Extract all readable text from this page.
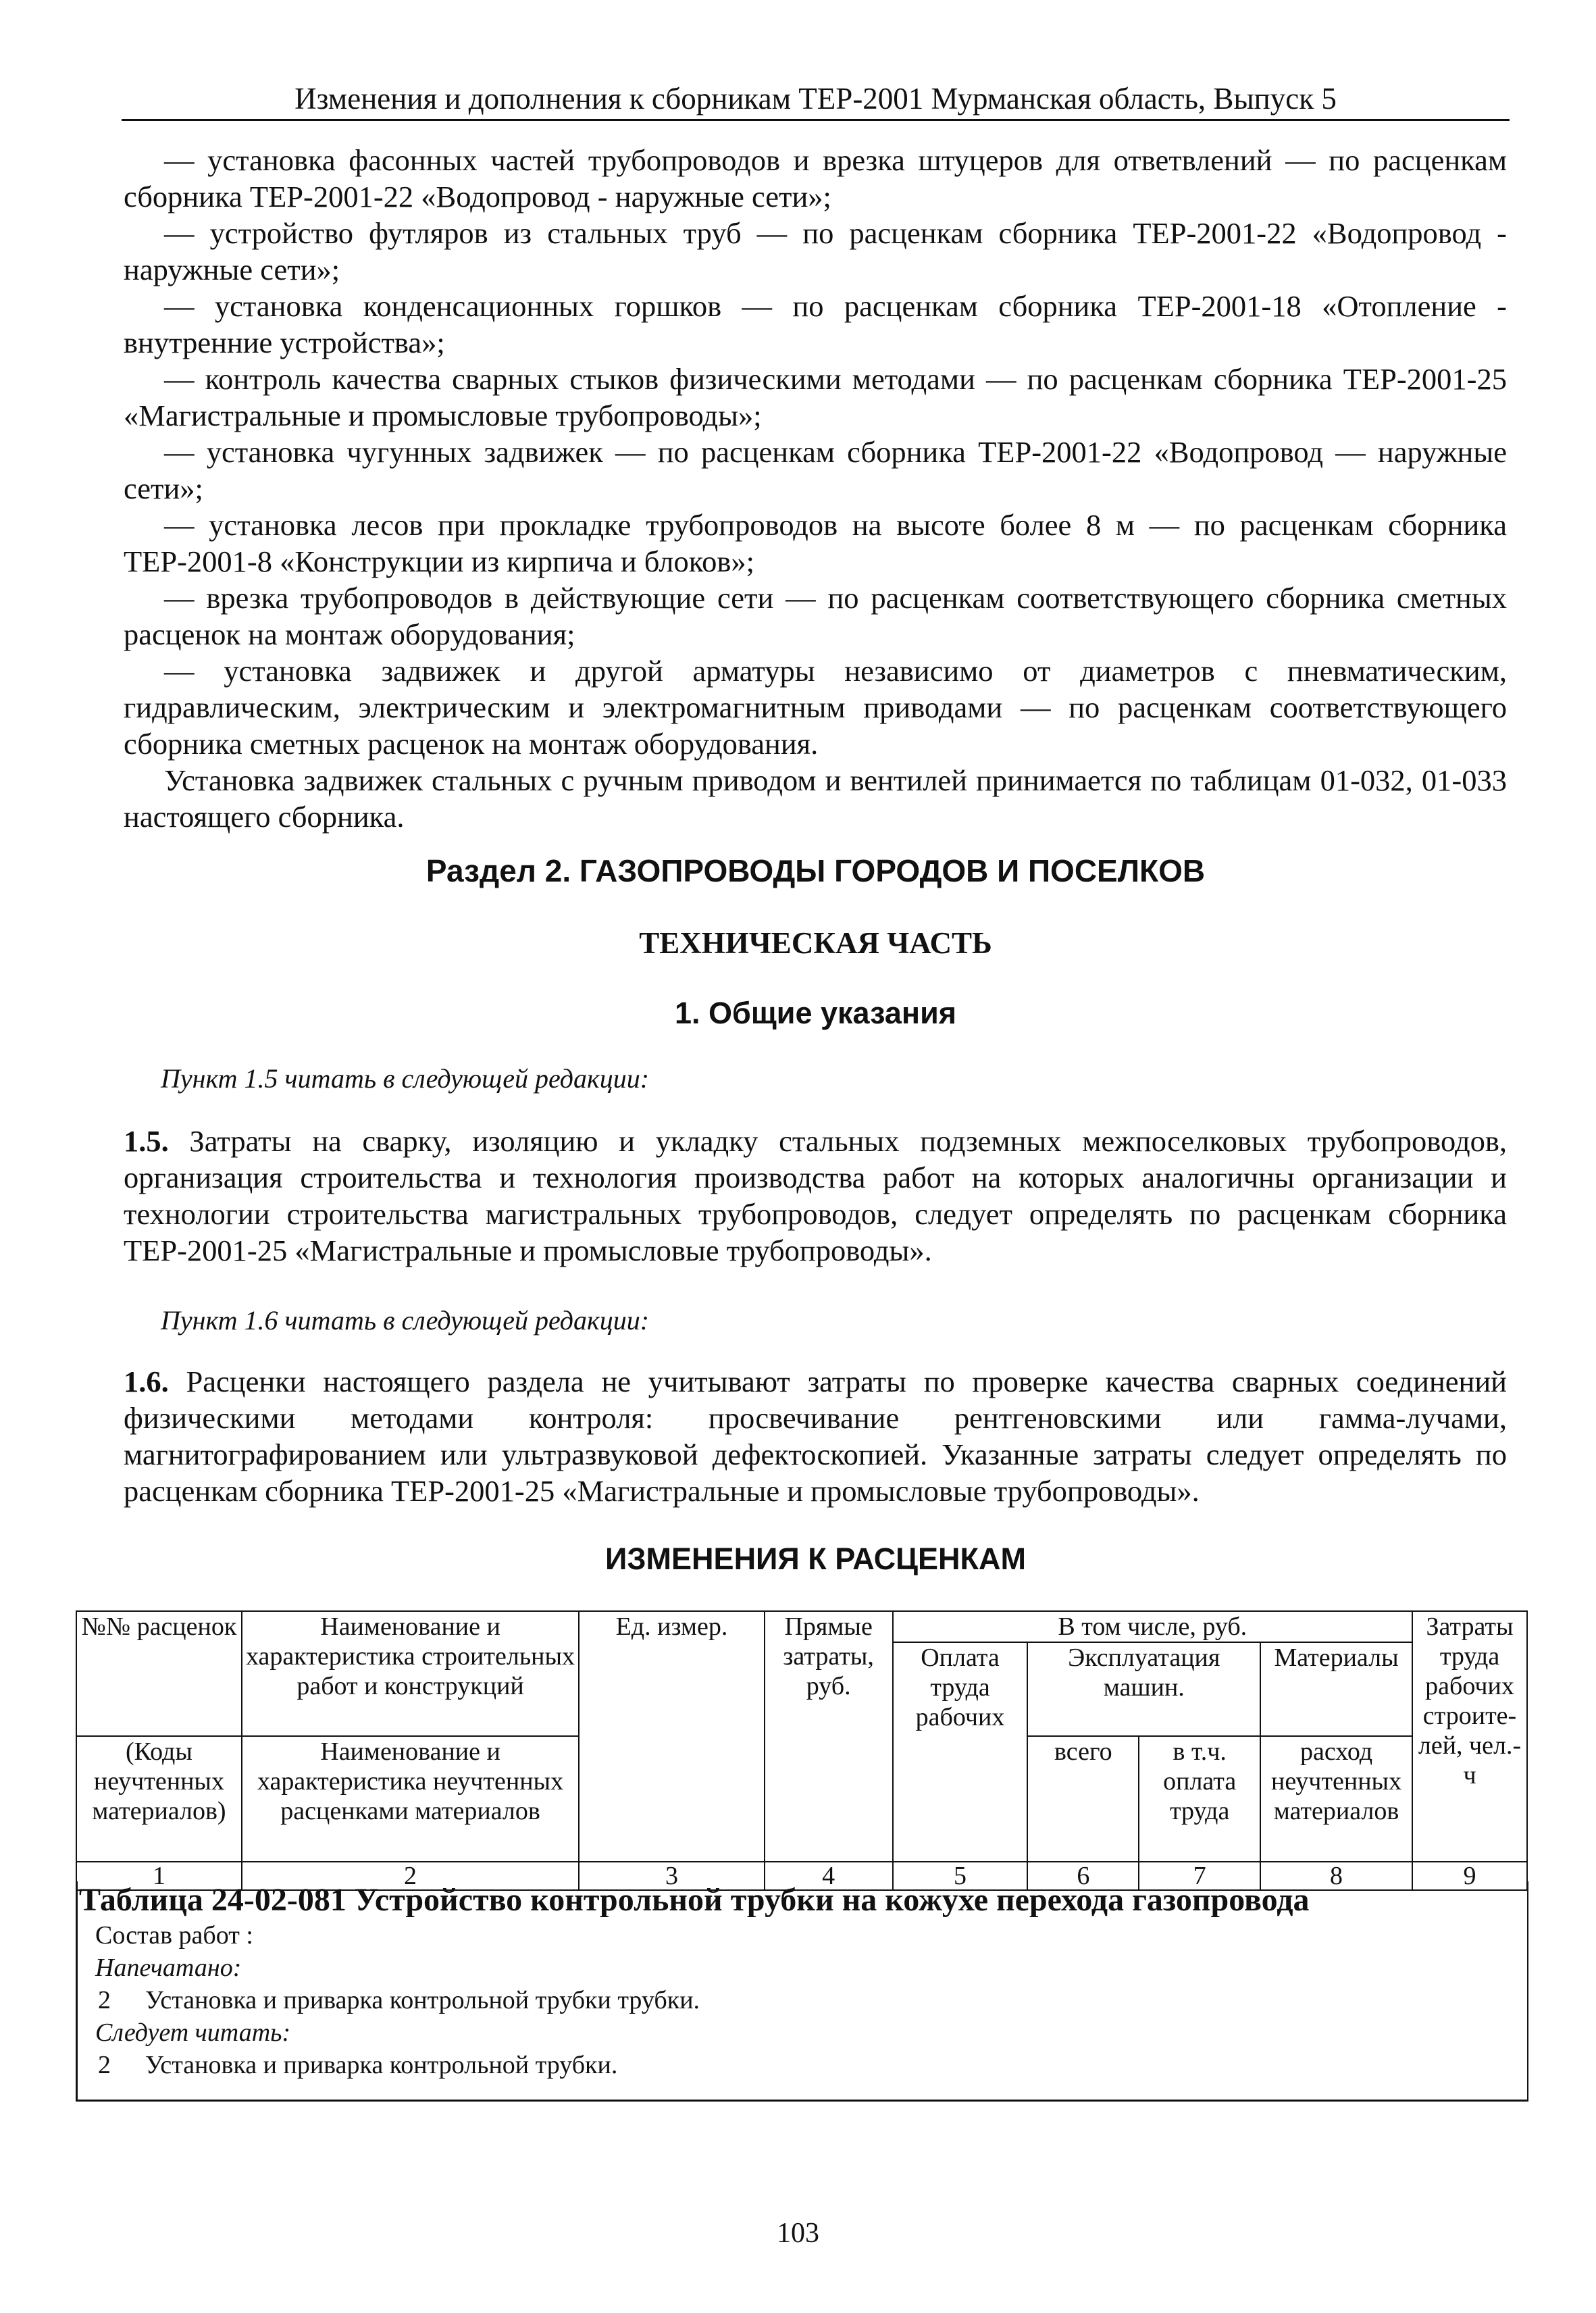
Изменения и дополнения к сборникам ТЕР-2001 Мурманская область, Выпуск 5

— установка фасонных частей трубопроводов и врезка штуцеров для ответвлений — по расценкам сборника ТЕР-2001-22 «Водопровод - наружные сети»;

— устройство футляров из стальных труб — по расценкам сборника ТЕР-2001-22 «Водопровод - наружные сети»;

— установка конденсационных горшков — по расценкам сборника ТЕР-2001-18 «Отопление - внутренние устройства»;

— контроль качества сварных стыков физическими методами — по расценкам сборника ТЕР-2001-25 «Магистральные и промысловые трубопроводы»;

— установка чугунных задвижек — по расценкам сборника ТЕР-2001-22 «Водопровод — наружные сети»;

— установка лесов при прокладке трубопроводов на высоте более 8 м — по расценкам сборника ТЕР-2001-8 «Конструкции из кирпича и блоков»;

— врезка трубопроводов в действующие сети — по расценкам соответствующего сборника сметных расценок на монтаж оборудования;

— установка задвижек и другой арматуры независимо от диаметров с пневматическим, гидравлическим, электрическим и электромагнитным приводами — по расценкам соответствующего сборника сметных расценок на монтаж оборудования.

Установка задвижек стальных с ручным приводом и вентилей принимается по таблицам 01-032, 01-033 настоящего сборника.

Раздел 2. ГАЗОПРОВОДЫ ГОРОДОВ И ПОСЕЛКОВ
ТЕХНИЧЕСКАЯ ЧАСТЬ
1. Общие указания
Пункт 1.5 читать в следующей редакции:

1.5. Затраты на сварку, изоляцию и укладку стальных подземных межпоселковых трубопроводов, организация строительства и технология производства работ на которых аналогичны организации и технологии строительства магистральных трубопроводов, следует определять по расценкам сборника ТЕР-2001-25 «Магистральные и промысловые трубопроводы».

Пункт 1.6 читать в следующей редакции:

1.6. Расценки настоящего раздела не учитывают затраты по проверке качества сварных соединений физическими методами контроля: просвечивание рентгеновскими или гамма-лучами, магнитографированием или ультразвуковой дефектоскопией. Указанные затраты следует определять по расценкам сборника ТЕР-2001-25 «Магистральные и промысловые трубопроводы».

ИЗМЕНЕНИЯ К РАСЦЕНКАМ
№№ расценок	Наименование и характеристика строительных работ и конструкций	Ед. измер.	Прямые затраты, руб.	В том числе, руб.				Затраты труда рабочих строите-лей, чел.-ч
				Оплата труда рабочих	Эксплуатация машин.		Материалы	
(Коды неучтенных материалов)	Наименование и характеристика неучтенных расценками материалов				всего	в т.ч. оплата труда	расход неучтенных материалов	
1	2	3	4	5	6	7	8	9
Таблица 24-02-081 Устройство контрольной трубки на кожухе перехода газопровода
Состав работ :
Напечатано:
2 Установка и приварка контрольной трубки трубки.
Следует читать:
2 Установка и приварка контрольной трубки.
103
